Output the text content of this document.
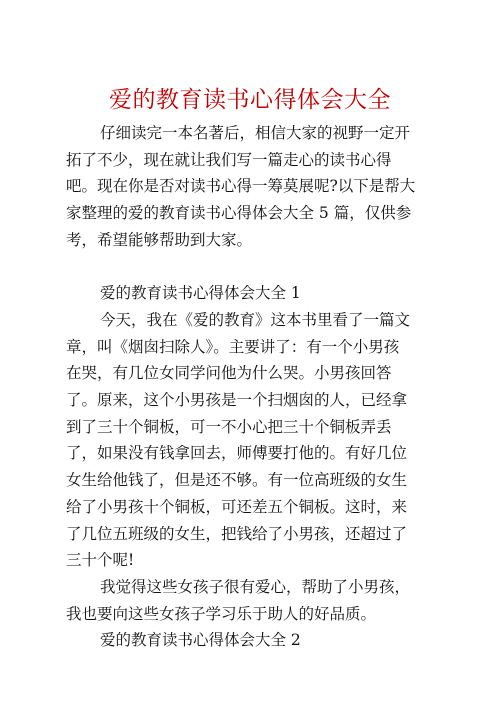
爱的教育读书心得体会大全

仔细读完一本名著后，相信大家的视野一定开

拓了不少，现在就让我们写一篇走心的读书心得

吧。现在你是否对读书心得一筹莫展呢?以下是帮大

家整理的爱的教育读书心得体会大全 5 篇，仅供参

考，希望能够帮助到大家。

爱的教育读书心得体会大全 1

今天，我在《爱的教育》这本书里看了一篇文

章，叫《烟囱扫除人》。主要讲了：有一个小男孩

在哭，有几位女同学问他为什么哭。小男孩回答

了。原来，这个小男孩是一个扫烟囱的人，已经拿

到了三十个铜板，可一不小心把三十个铜板弄丢

了，如果没有钱拿回去，师傅要打他的。有好几位

女生给他钱了，但是还不够。有一位高班级的女生

给了小男孩十个铜板，可还差五个铜板。这时，来

了几位五班级的女生，把钱给了小男孩，还超过了

三十个呢!

我觉得这些女孩子很有爱心，帮助了小男孩，

我也要向这些女孩子学习乐于助人的好品质。

爱的教育读书心得体会大全 2
